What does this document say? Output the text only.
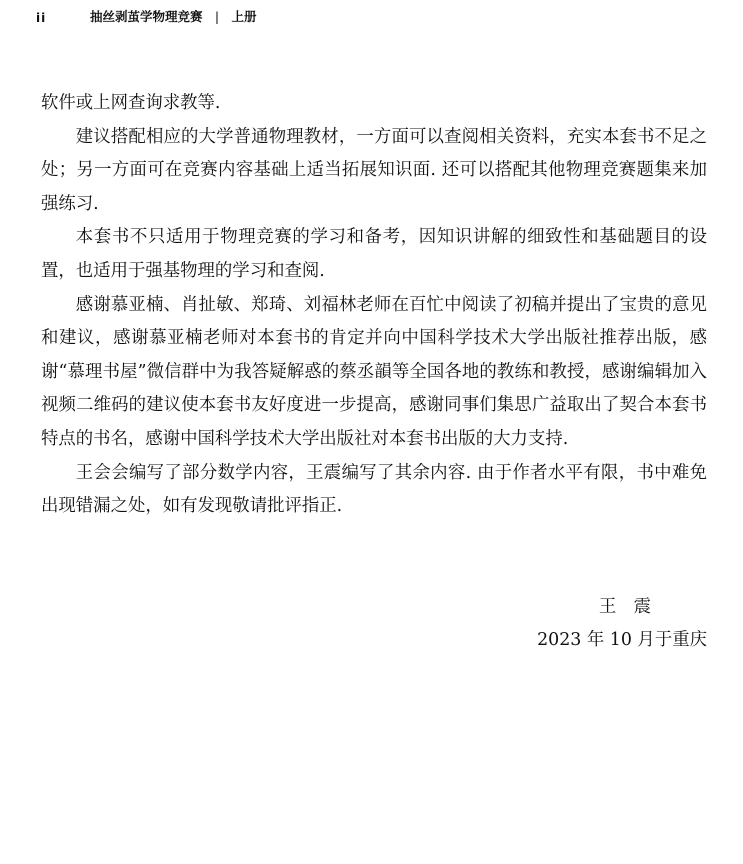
ii	抽丝剥茧学物理竞赛 | 上册

软件或上网查询求教等.

建议搭配相应的大学普通物理教材，一方面可以查阅相关资料，充实本套书不足之处；另一方面可在竞赛内容基础上适当拓展知识面. 还可以搭配其他物理竞赛题集来加强练习.

本套书不只适用于物理竞赛的学习和备考，因知识讲解的细致性和基础题目的设置，也适用于强基物理的学习和查阅.

感谢慕亚楠、肖扯敏、郑琦、刘福林老师在百忙中阅读了初稿并提出了宝贵的意见和建议，感谢慕亚楠老师对本套书的肯定并向中国科学技术大学出版社推荐出版，感谢“慕理书屋”微信群中为我答疑解惑的蔡丞韻等全国各地的教练和教授，感谢编辑加入视频二维码的建议使本套书友好度进一步提高，感谢同事们集思广益取出了契合本套书特点的书名，感谢中国科学技术大学出版社对本套书出版的大力支持.

王会会编写了部分数学内容，王震编写了其余内容. 由于作者水平有限，书中难免出现错漏之处，如有发现敬请批评指正.

王　震
2023 年 10 月于重庆
